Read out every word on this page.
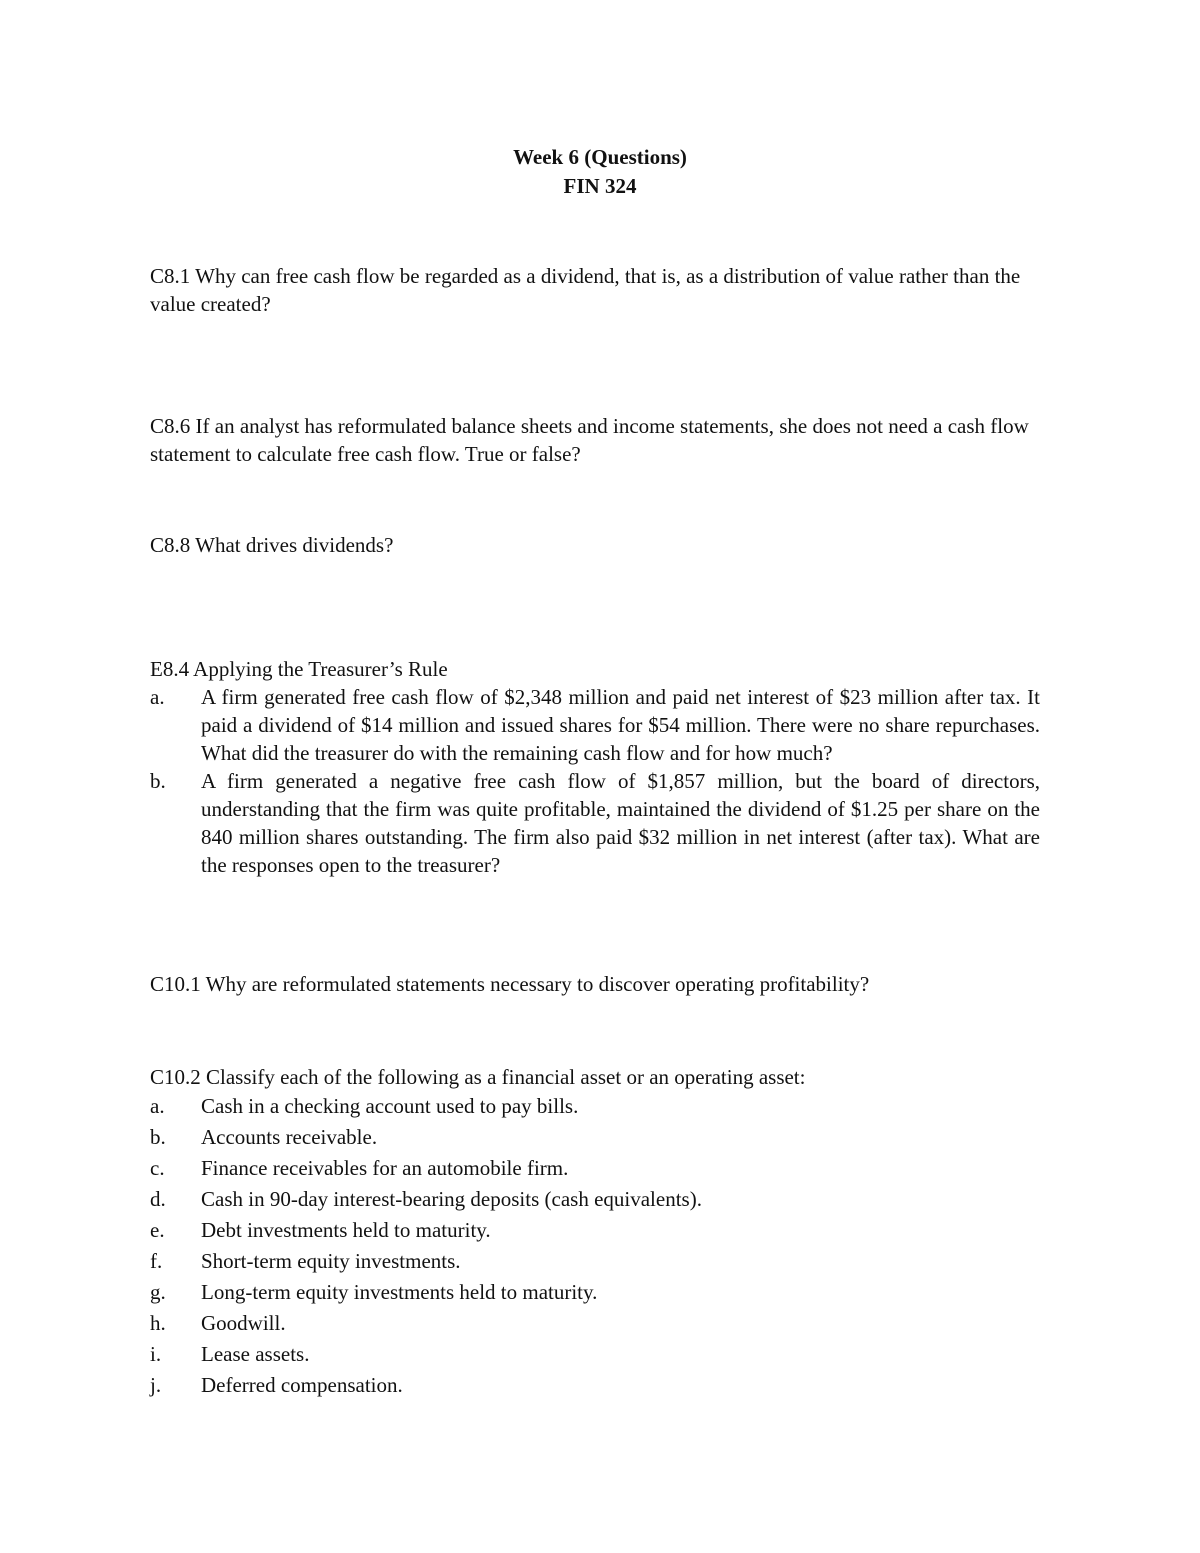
Week 6 (Questions)
FIN 324

C8.1 Why can free cash flow be regarded as a dividend, that is, as a distribution of value rather than the value created?

C8.6 If an analyst has reformulated balance sheets and income statements, she does not need a cash flow statement to calculate free cash flow. True or false?

C8.8 What drives dividends?

E8.4 Applying the Treasurer’s Rule

a. A firm generated free cash flow of $2,348 million and paid net interest of $23 million after tax. It paid a dividend of $14 million and issued shares for $54 million. There were no share repurchases. What did the treasurer do with the remaining cash flow and for how much?
b. A firm generated a negative free cash flow of $1,857 million, but the board of directors, understanding that the firm was quite profitable, maintained the dividend of $1.25 per share on the 840 million shares outstanding. The firm also paid $32 million in net interest (after tax). What are the responses open to the treasurer?

C10.1 Why are reformulated statements necessary to discover operating profitability?

C10.2 Classify each of the following as a financial asset or an operating asset:

a. Cash in a checking account used to pay bills.
b. Accounts receivable.
c. Finance receivables for an automobile firm.
d. Cash in 90-day interest-bearing deposits (cash equivalents).
e. Debt investments held to maturity.
f. Short-term equity investments.
g. Long-term equity investments held to maturity.
h. Goodwill.
i. Lease assets.
j. Deferred compensation.
